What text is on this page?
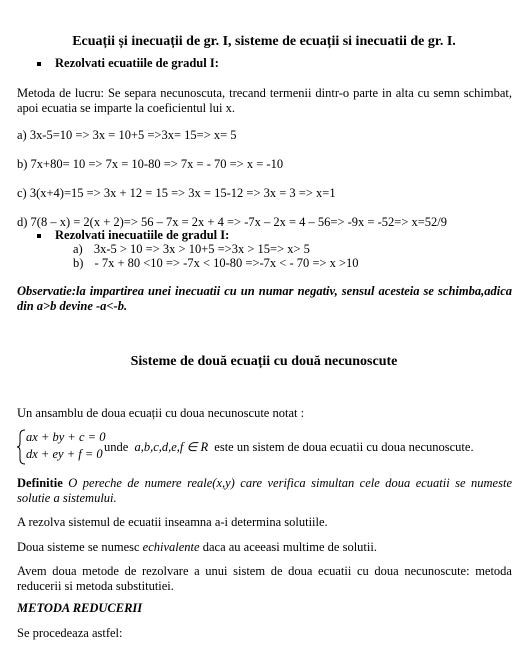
Ecuații și inecuații de gr. I, sisteme de ecuații si inecuatii de gr. I.
Rezolvati ecuatiile de gradul I:
Metoda de lucru: Se separa necunoscuta, trecand termenii dintr-o parte in alta cu semn schimbat, apoi ecuatia se imparte la coeficientul lui x.
a) 3x-5=10 => 3x = 10+5 =>3x= 15=> x= 5
b) 7x+80= 10 => 7x = 10-80 => 7x = - 70 => x = -10
c) 3(x+4)=15 => 3x + 12 = 15 => 3x = 15-12 => 3x = 3 => x=1
d) 7(8 – x) = 2(x + 2)=> 56 – 7x = 2x + 4 => -7x – 2x = 4 – 56=> -9x = -52=> x=52/9
Rezolvati inecuatiile de gradul I:
a) 3x-5 > 10 => 3x > 10+5 =>3x > 15=> x> 5
b) - 7x + 80 <10 => -7x < 10-80 =>-7x < - 70 => x >10
Observatie:la impartirea unei inecuatii cu un numar negativ, sensul acesteia se schimba,adica din a>b devine -a<-b.
Sisteme de două ecuații cu două necunoscute
Un ansamblu de doua ecuații cu doua necunoscute notat :
ax + by + c = 0
dx + ey + f = 0 unde a,b,c,d,e,f ∈ R este un sistem de doua ecuatii cu doua necunoscute.
Definitie O pereche de numere reale(x,y) care verifica simultan cele doua ecuatii se numeste solutie a sistemului.
A rezolva sistemul de ecuatii inseamna a-i determina solutiile.
Doua sisteme se numesc echivalente daca au aceeasi multime de solutii.
Avem doua metode de rezolvare a unui sistem de doua ecuatii cu doua necunoscute: metoda reducerii si metoda substitutiei.
METODA REDUCERII
Se procedeaza astfel:
